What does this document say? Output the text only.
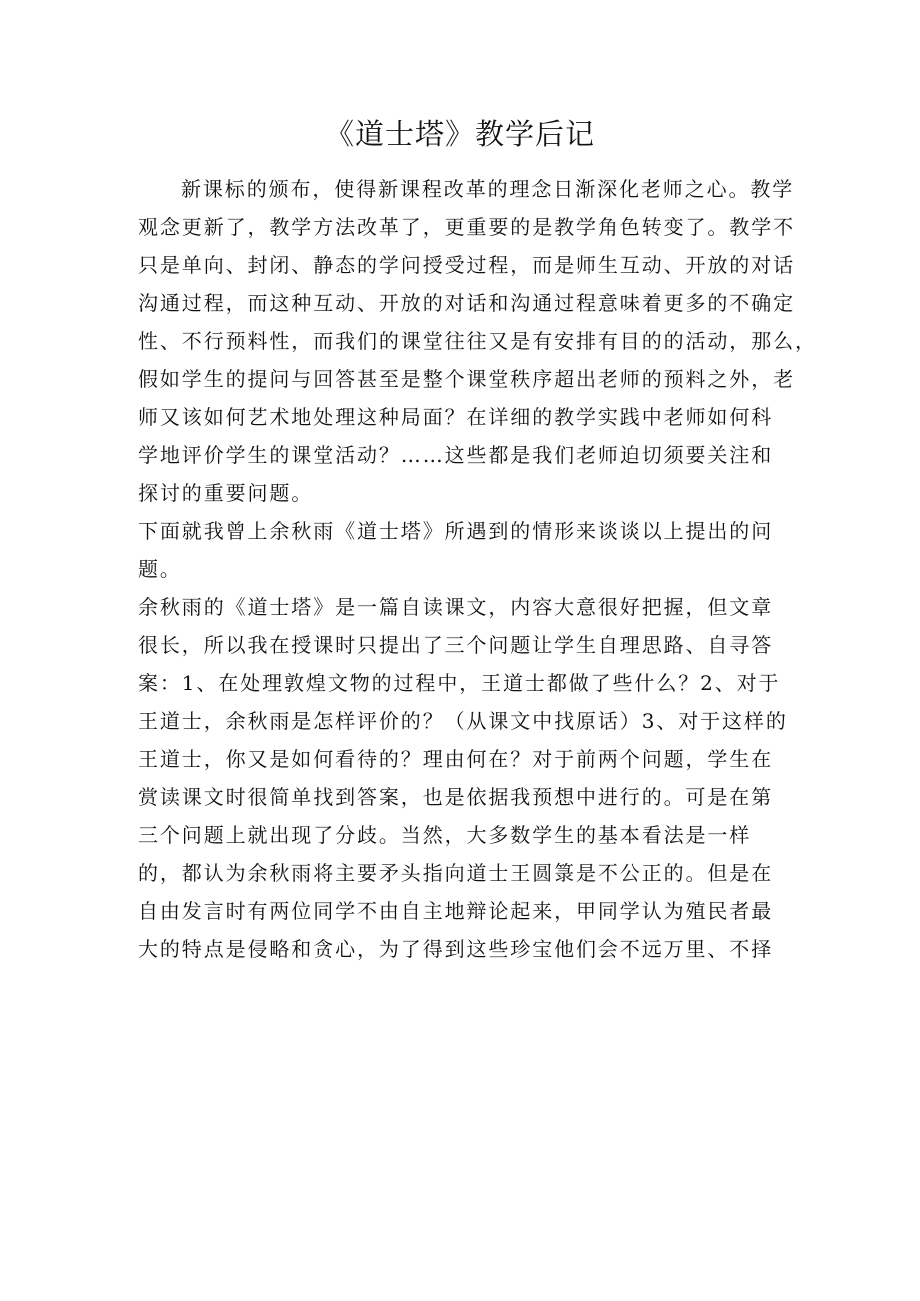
《道士塔》教学后记
新课标的颁布，使得新课程改革的理念日渐深化老师之心。教学
观念更新了，教学方法改革了，更重要的是教学角色转变了。教学不
只是单向、封闭、静态的学问授受过程，而是师生互动、开放的对话
沟通过程，而这种互动、开放的对话和沟通过程意味着更多的不确定
性、不行预料性，而我们的课堂往往又是有安排有目的的活动，那么，
假如学生的提问与回答甚至是整个课堂秩序超出老师的预料之外，老
师又该如何艺术地处理这种局面？在详细的教学实践中老师如何科
学地评价学生的课堂活动？……这些都是我们老师迫切须要关注和
探讨的重要问题。
下面就我曾上余秋雨《道士塔》所遇到的情形来谈谈以上提出的问
题。
余秋雨的《道士塔》是一篇自读课文，内容大意很好把握，但文章
很长，所以我在授课时只提出了三个问题让学生自理思路、自寻答
案：1、在处理敦煌文物的过程中，王道士都做了些什么？2、对于
王道士，余秋雨是怎样评价的？（从课文中找原话）3、对于这样的
王道士，你又是如何看待的？理由何在？对于前两个问题，学生在
赏读课文时很简单找到答案，也是依据我预想中进行的。可是在第
三个问题上就出现了分歧。当然，大多数学生的基本看法是一样
的，都认为余秋雨将主要矛头指向道士王圆箓是不公正的。但是在
自由发言时有两位同学不由自主地辩论起来，甲同学认为殖民者最
大的特点是侵略和贪心，为了得到这些珍宝他们会不远万里、不择
